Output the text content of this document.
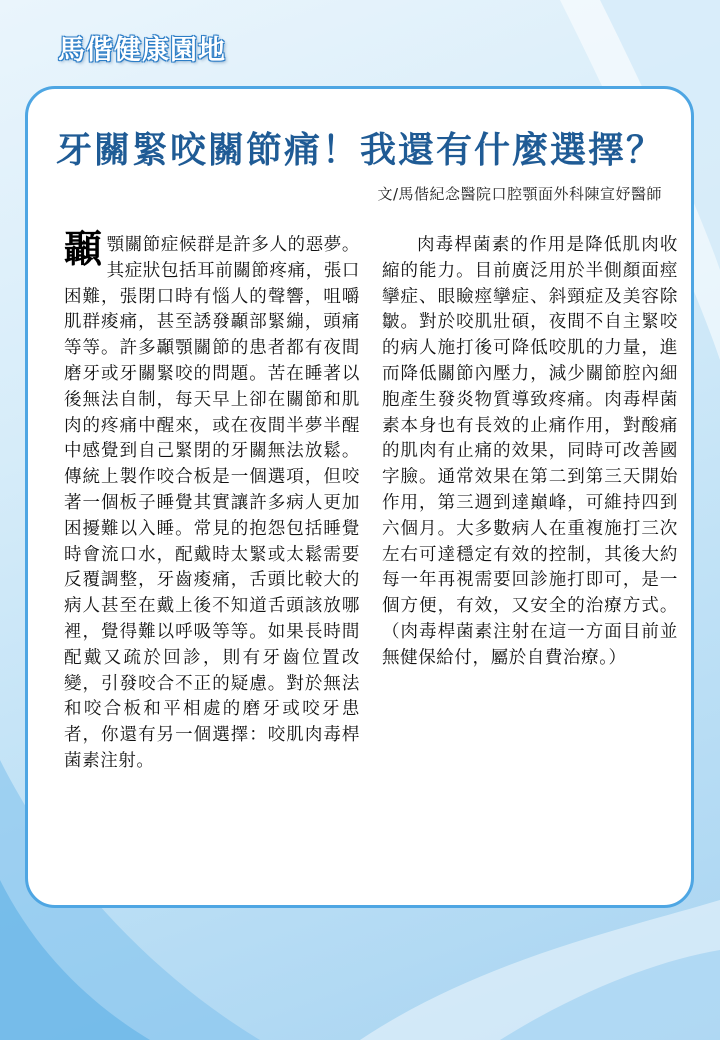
馬偕健康園地
牙關緊咬關節痛！我還有什麼選擇？
文/馬偕紀念醫院口腔顎面外科陳宣妤醫師

顳顎關節症候群是許多人的惡夢。其症狀包括耳前關節疼痛，張口困難，張閉口時有惱人的聲響，咀嚼肌群痠痛，甚至誘發顳部緊繃，頭痛等等。許多顳顎關節的患者都有夜間磨牙或牙關緊咬的問題。苦在睡著以後無法自制，每天早上卻在關節和肌肉的疼痛中醒來，或在夜間半夢半醒中感覺到自己緊閉的牙關無法放鬆。傳統上製作咬合板是一個選項，但咬著一個板子睡覺其實讓許多病人更加困擾難以入睡。常見的抱怨包括睡覺時會流口水，配戴時太緊或太鬆需要反覆調整，牙齒痠痛，舌頭比較大的病人甚至在戴上後不知道舌頭該放哪裡，覺得難以呼吸等等。如果長時間配戴又疏於回診，則有牙齒位置改變，引發咬合不正的疑慮。對於無法和咬合板和平相處的磨牙或咬牙患者，你還有另一個選擇：咬肌肉毒桿菌素注射。

肉毒桿菌素的作用是降低肌肉收縮的能力。目前廣泛用於半側顏面痙攣症、眼瞼痙攣症、斜頸症及美容除皺。對於咬肌壯碩，夜間不自主緊咬的病人施打後可降低咬肌的力量，進而降低關節內壓力，減少關節腔內細胞產生發炎物質導致疼痛。肉毒桿菌素本身也有長效的止痛作用，對酸痛的肌肉有止痛的效果，同時可改善國字臉。通常效果在第二到第三天開始作用，第三週到達巔峰，可維持四到六個月。大多數病人在重複施打三次左右可達穩定有效的控制，其後大約每一年再視需要回診施打即可，是一個方便，有效，又安全的治療方式。（肉毒桿菌素注射在這一方面目前並無健保給付，屬於自費治療。）
